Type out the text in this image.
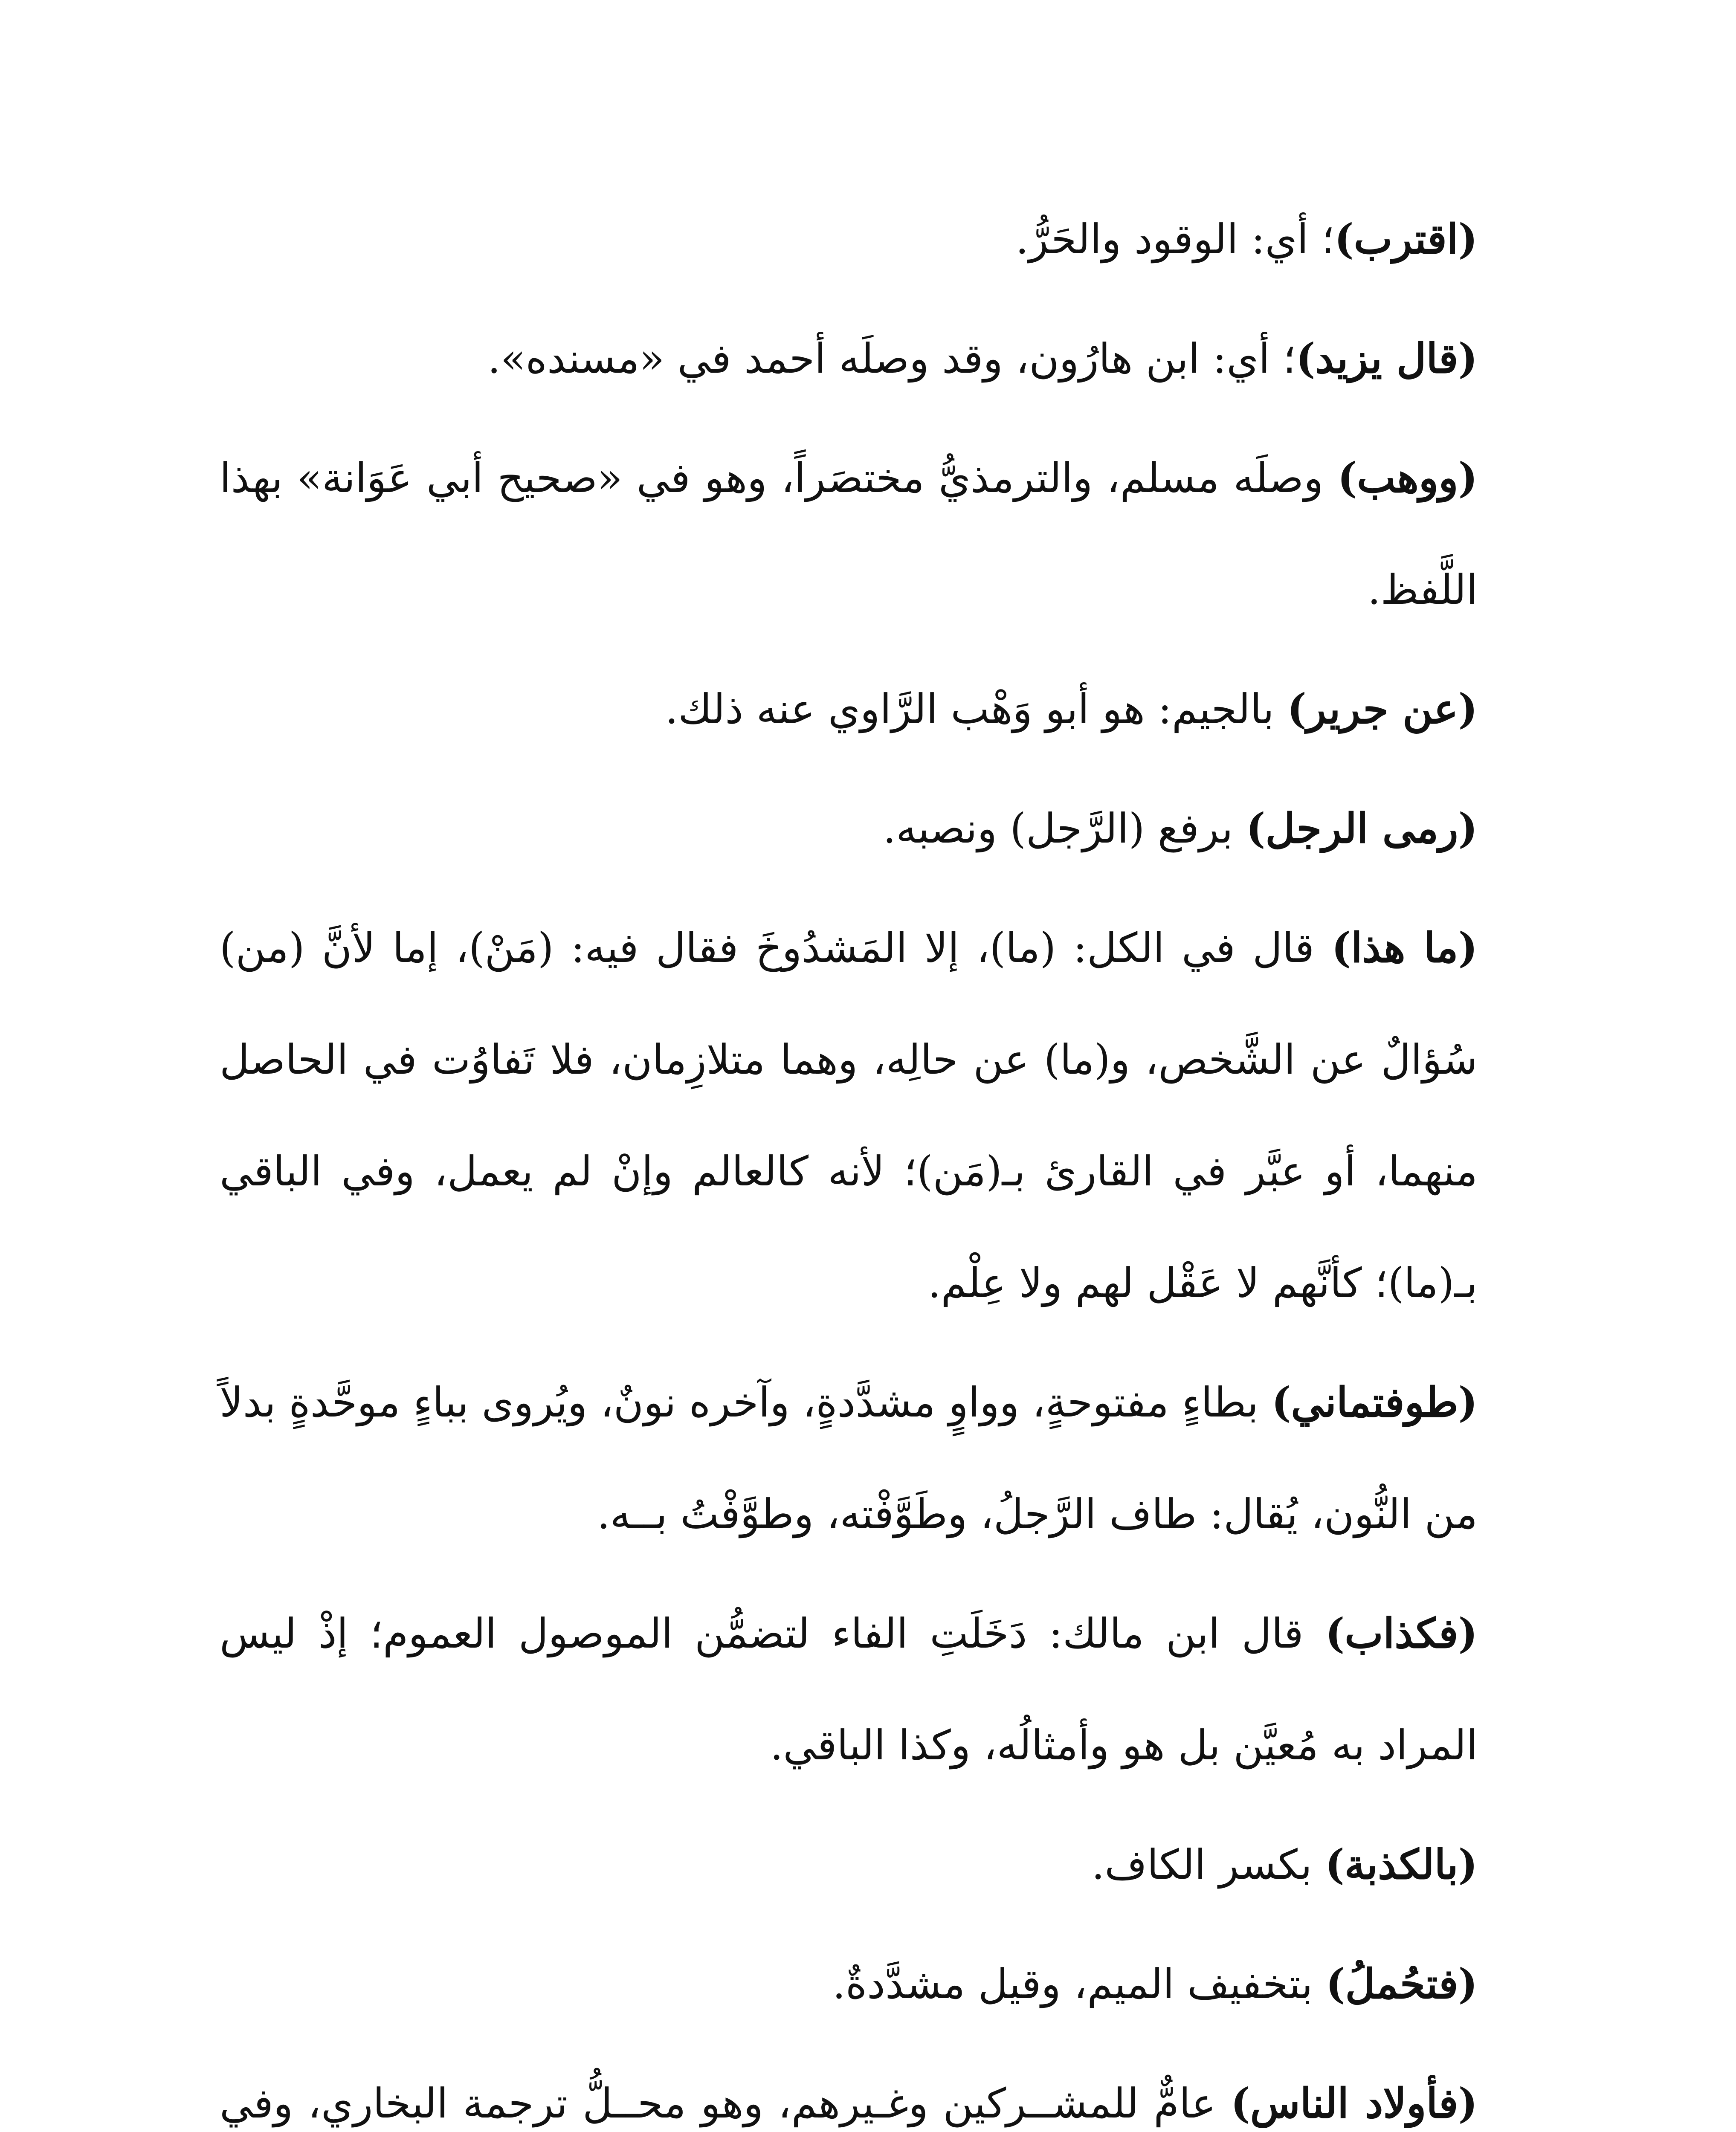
(اقترب)؛ أي: الوقود والحَرُّ.

(قال يزيد)؛ أي: ابن هارُون، وقد وصلَه أحمد في «مسنده».

(ووهب) وصلَه مسلم، والترمذيُّ مختصَراً، وهو في «صحيح أبي عَوَانة» بهذا اللَّفظ.

(عن جرير) بالجيم: هو أبو وَهْب الرَّاوي عنه ذلك.

(رمى الرجل) برفع (الرَّجل) ونصبه.

(ما هذا) قال في الكل: (ما)، إلا المَشدُوخَ فقال فيه: (مَنْ)، إما لأنَّ (من) سُؤالٌ عن الشَّخص، و(ما) عن حالِه، وهما متلازِمان، فلا تَفاوُت في الحاصل منهما، أو عبَّر في القارئ بـ(مَن)؛ لأنه كالعالم وإنْ لم يعمل، وفي الباقي بـ(ما)؛ كأنَّهم لا عَقْل لهم ولا عِلْم.

(طوفتماني) بطاءٍ مفتوحةٍ، وواوٍ مشدَّدةٍ، وآخره نونٌ، ويُروى بباءٍ موحَّدةٍ بدلاً من النُّون، يُقال: طاف الرَّجلُ، وطَوَّفْته، وطوَّفْتُ بــه.

(فكذاب) قال ابن مالك: دَخَلَتِ الفاء لتضمُّن الموصول العموم؛ إذْ ليس المراد به مُعيَّن بل هو وأمثالُه، وكذا الباقي.

(بالكذبة) بكسر الكاف.

(فتحُملُ) بتخفيف الميم، وقيل مشدَّدةٌ.

(فأولاد الناس) عامٌّ للمشــركين وغـيرهم، وهو محــلُّ ترجمة البخاري، وفي
